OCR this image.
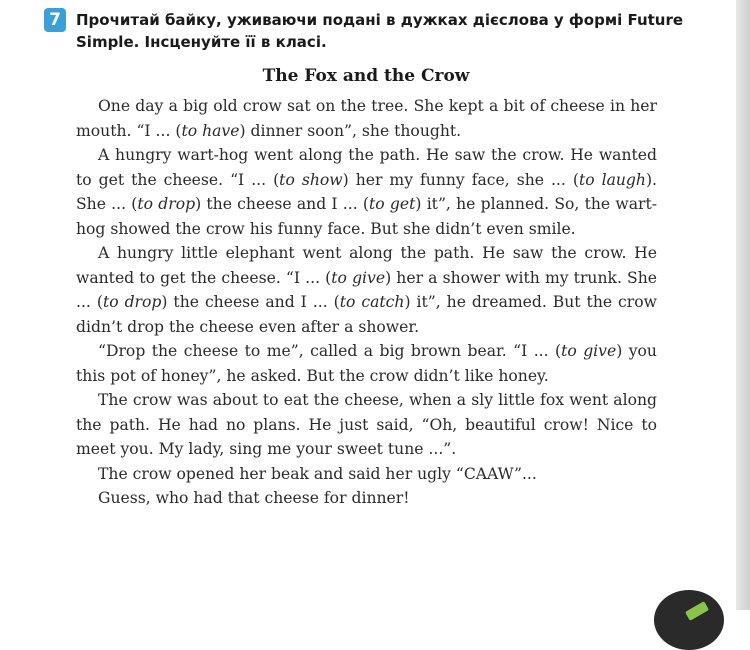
7	Прочитай байку, уживаючи подані в дужках дієслова у формі Future Simple. Інсценуйте її в класі.

The Fox and the Crow

One day a big old crow sat on the tree. She kept a bit of cheese in her mouth. “I ... (to have) dinner soon”, she thought.

A hungry wart-hog went along the path. He saw the crow. He wanted to get the cheese. “I ... (to show) her my funny face, she ... (to laugh). She ... (to drop) the cheese and I ... (to get) it”, he planned. So, the wart-hog showed the crow his funny face. But she didn’t even smile.

A hungry little elephant went along the path. He saw the crow. He wanted to get the cheese. “I ... (to give) her a shower with my trunk. She ... (to drop) the cheese and I ... (to catch) it”, he dreamed. But the crow didn’t drop the cheese even after a shower.

“Drop the cheese to me”, called a big brown bear. “I ... (to give) you this pot of honey”, he asked. But the crow didn’t like honey.

The crow was about to eat the cheese, when a sly little fox went along the path. He had no plans. He just said, “Oh, beautiful crow! Nice to meet you. My lady, sing me your sweet tune ...”.

The crow opened her beak and said her ugly “CAAW”...

Guess, who had that cheese for dinner!
